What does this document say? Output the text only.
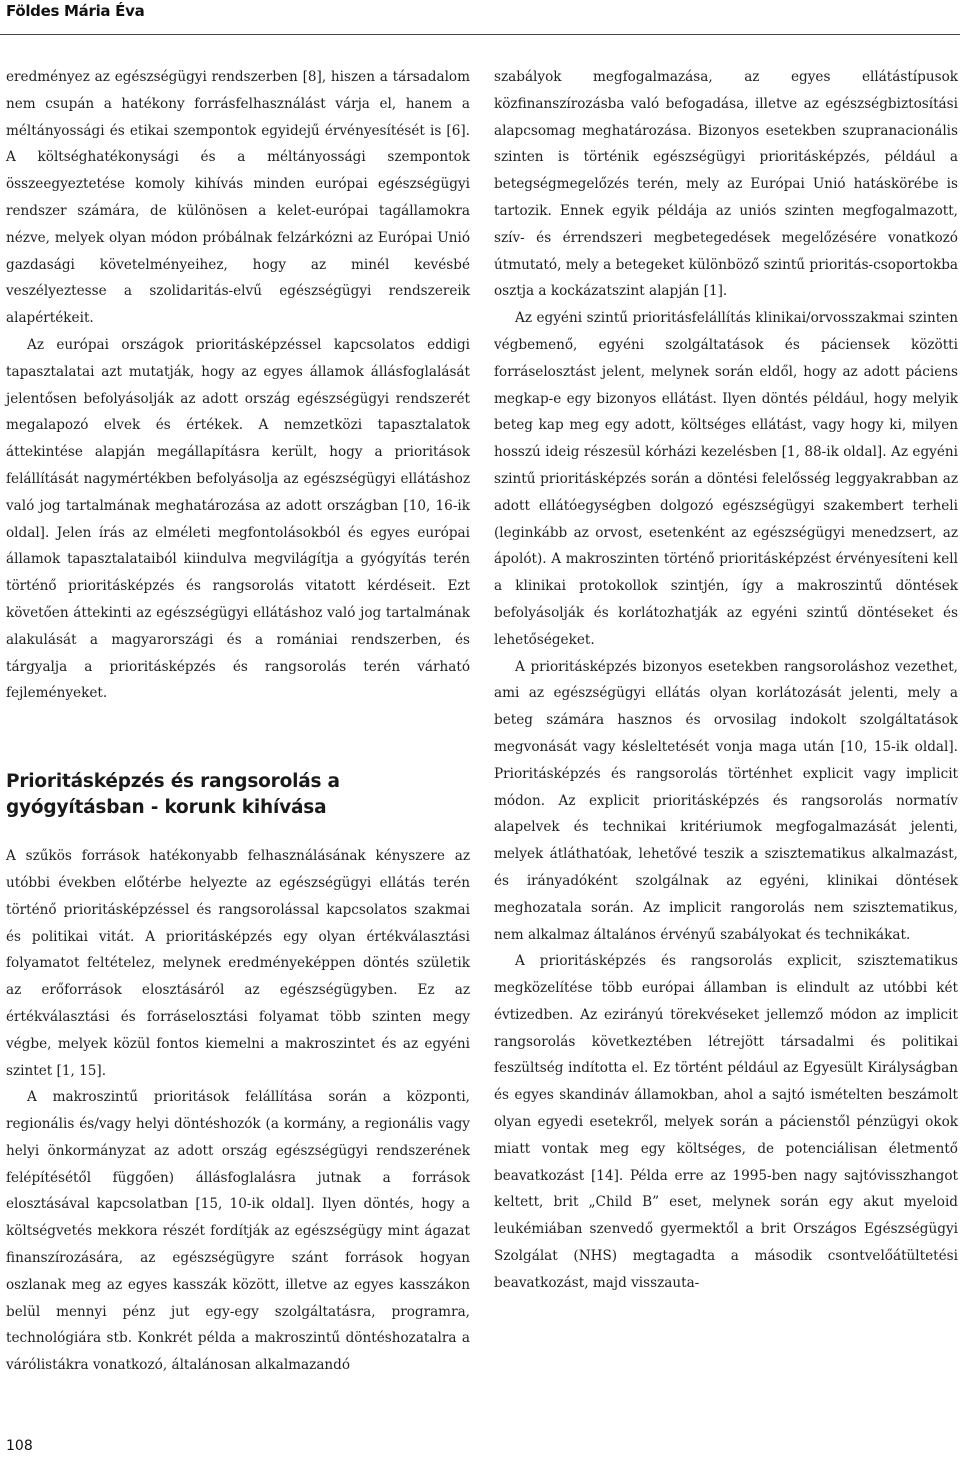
Földes Mária Éva

eredményez az egészségügyi rendszerben [8], hiszen a társadalom nem csupán a hatékony forrásfelhasználást várja el, hanem a méltányossági és etikai szempontok egyidejű érvényesítését is [6]. A költséghatékonysági és a méltányossági szempontok összeegyeztetése komoly kihívás minden európai egészségügyi rendszer számára, de különösen a kelet-európai tagállamokra nézve, melyek olyan módon próbálnak felzárkózni az Európai Unió gazdasági követelményeihez, hogy az minél kevésbé veszélyeztesse a szolidaritás-elvű egészségügyi rendszereik alapértékeit.

Az európai országok prioritásképzéssel kapcsolatos eddigi tapasztalatai azt mutatják, hogy az egyes államok állásfoglalását jelentősen befolyásolják az adott ország egészségügyi rendszerét megalapozó elvek és értékek. A nemzetközi tapasztalatok áttekintése alapján megállapításra került, hogy a prioritások felállítását nagymértékben befolyásolja az egészségügyi ellátáshoz való jog tartalmának meghatározása az adott országban [10, 16-ik oldal]. Jelen írás az elméleti megfontolásokból és egyes európai államok tapasztalataiból kiindulva megvilágítja a gyógyítás terén történő prioritásképzés és rangsorolás vitatott kérdéseit. Ezt követően áttekinti az egészségügyi ellátáshoz való jog tartalmának alakulását a magyarországi és a romániai rendszerben, és tárgyalja a prioritásképzés és rangsorolás terén várható fejleményeket.

Prioritásképzés és rangsorolás a
gyógyításban - korunk kihívása

A szűkös források hatékonyabb felhasználásának kényszere az utóbbi években előtérbe helyezte az egészségügyi ellátás terén történő prioritásképzéssel és rangsorolással kapcsolatos szakmai és politikai vitát. A prioritásképzés egy olyan értékválasztási folyamatot feltételez, melynek eredményeképpen döntés születik az erőforrások elosztásáról az egészségügyben. Ez az értékválasztási és forráselosztási folyamat több szinten megy végbe, melyek közül fontos kiemelni a makroszintet és az egyéni szintet [1, 15].

A makroszintű prioritások felállítása során a központi, regionális és/vagy helyi döntéshozók (a kormány, a regionális vagy helyi önkormányzat az adott ország egészségügyi rendszerének felépítésétől függően) állásfoglalásra jutnak a források elosztásával kapcsolatban [15, 10-ik oldal]. Ilyen döntés, hogy a költségvetés mekkora részét fordítják az egészségügy mint ágazat finanszírozására, az egészségügyre szánt források hogyan oszlanak meg az egyes kasszák között, illetve az egyes kasszákon belül mennyi pénz jut egy-egy szolgáltatásra, programra, technológiára stb. Konkrét példa a makroszintű döntéshozatalra a várólistákra vonatkozó, általánosan alkalmazandó

szabályok megfogalmazása, az egyes ellátástípusok közfinanszírozásba való befogadása, illetve az egészségbiztosítási alapcsomag meghatározása. Bizonyos esetekben szupranacionális szinten is történik egészségügyi prioritásképzés, például a betegségmegelőzés terén, mely az Európai Unió hatáskörébe is tartozik. Ennek egyik példája az uniós szinten megfogalmazott, szív- és érrendszeri megbetegedések megelőzésére vonatkozó útmutató, mely a betegeket különböző szintű prioritás-csoportokba osztja a kockázatszint alapján [1].

Az egyéni szintű prioritásfelállítás klinikai/orvosszakmai szinten végbemenő, egyéni szolgáltatások és páciensek közötti forráselosztást jelent, melynek során eldől, hogy az adott páciens megkap-e egy bizonyos ellátást. Ilyen döntés például, hogy melyik beteg kap meg egy adott, költséges ellátást, vagy hogy ki, milyen hosszú ideig részesül kórházi kezelésben [1, 88-ik oldal]. Az egyéni szintű prioritásképzés során a döntési felelősség leggyakrabban az adott ellátóegységben dolgozó egészségügyi szakembert terheli (leginkább az orvost, esetenként az egészségügyi menedzsert, az ápolót). A makroszinten történő prioritásképzést érvényesíteni kell a klinikai protokollok szintjén, így a makroszintű döntések befolyásolják és korlátozhatják az egyéni szintű döntéseket és lehetőségeket.

A prioritásképzés bizonyos esetekben rangsoroláshoz vezethet, ami az egészségügyi ellátás olyan korlátozását jelenti, mely a beteg számára hasznos és orvosilag indokolt szolgáltatások megvonását vagy késleltetését vonja maga után [10, 15-ik oldal]. Prioritásképzés és rangsorolás történhet explicit vagy implicit módon. Az explicit prioritásképzés és rangsorolás normatív alapelvek és technikai kritériumok megfogalmazását jelenti, melyek átláthatóak, lehetővé teszik a szisztematikus alkalmazást, és irányadóként szolgálnak az egyéni, klinikai döntések meghozatala során. Az implicit rangorolás nem szisztematikus, nem alkalmaz általános érvényű szabályokat és technikákat.

A prioritásképzés és rangsorolás explicit, szisztematikus megközelítése több európai államban is elindult az utóbbi két évtizedben. Az ezirányú törekvéseket jellemző módon az implicit rangsorolás következtében létrejött társadalmi és politikai feszültség indította el. Ez történt például az Egyesült Királyságban és egyes skandináv államokban, ahol a sajtó ismételten beszámolt olyan egyedi esetekről, melyek során a pácienstől pénzügyi okok miatt vontak meg egy költséges, de potenciálisan életmentő beavatkozást [14]. Példa erre az 1995-ben nagy sajtóvisszhangot keltett, brit „Child B” eset, melynek során egy akut myeloid leukémiában szenvedő gyermektől a brit Országos Egészségügyi Szolgálat (NHS) megtagadta a második csontvelőátültetési beavatkozást, majd visszauta-

108
